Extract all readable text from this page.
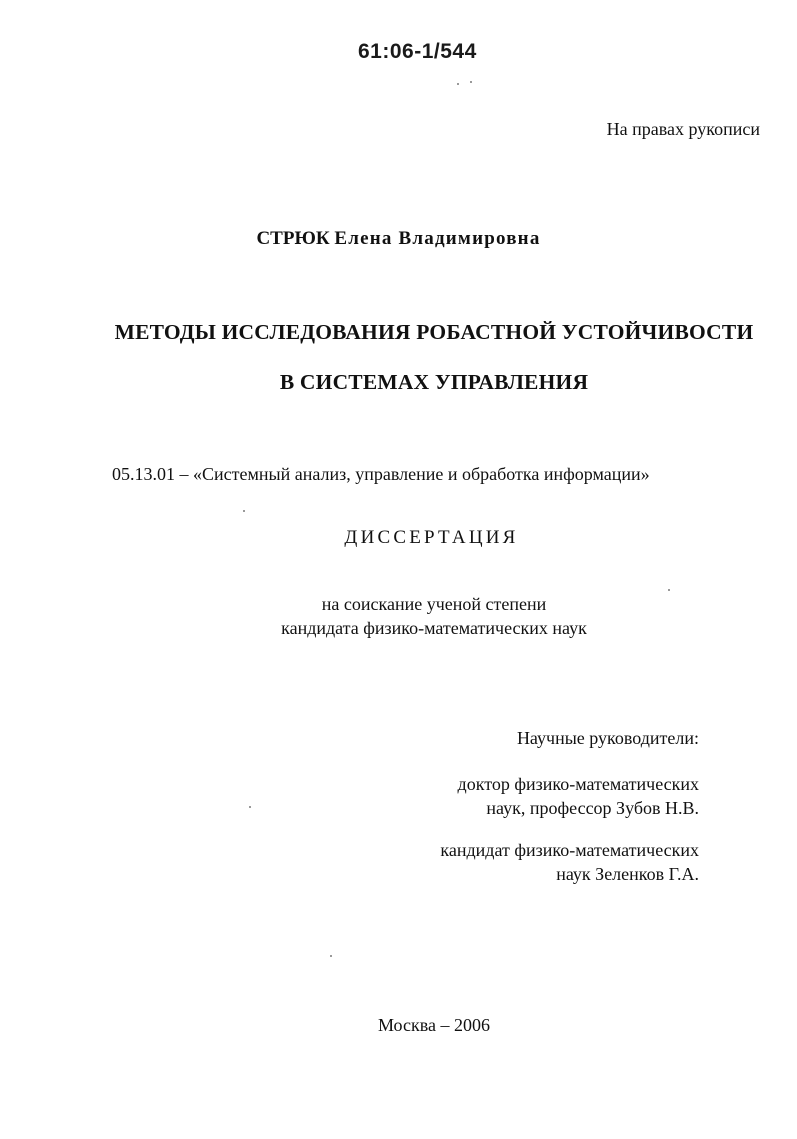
61:06-1/544
На правах рукописи
СТРЮК Елена Владимировна
МЕТОДЫ ИССЛЕДОВАНИЯ РОБАСТНОЙ УСТОЙЧИВОСТИ
В СИСТЕМАХ УПРАВЛЕНИЯ
05.13.01 – «Системный анализ, управление и обработка информации»
ДИССЕРТАЦИЯ
на соискание ученой степени
кандидата физико-математических наук
Научные руководители:
доктор физико-математических
наук, профессор Зубов Н.В.
кандидат физико-математических
наук Зеленков Г.А.
Москва – 2006
